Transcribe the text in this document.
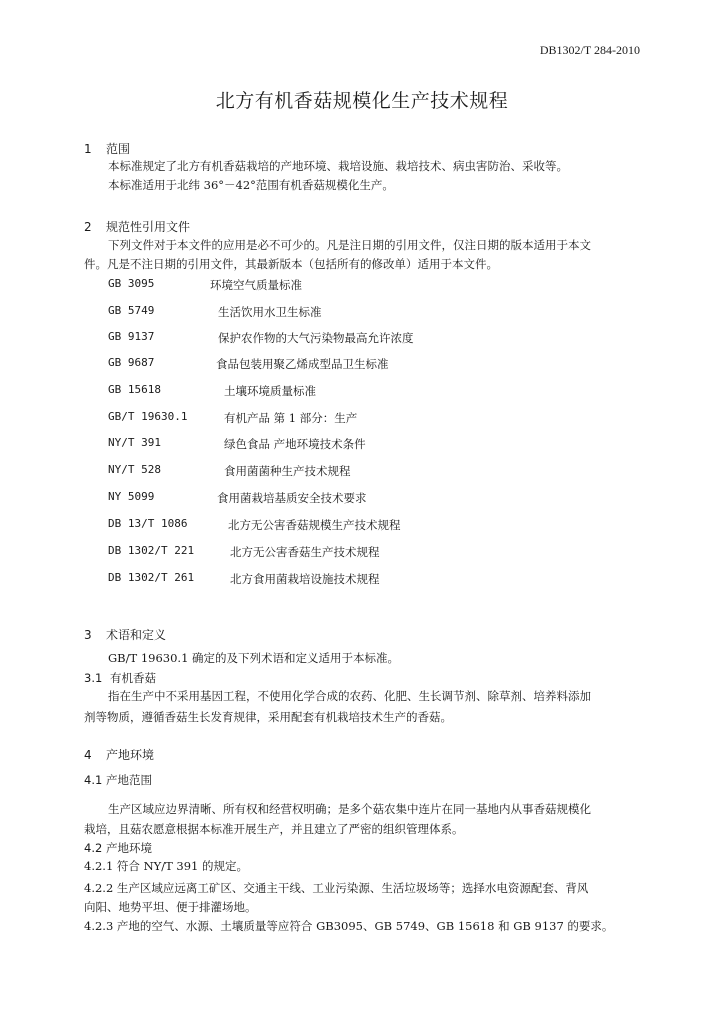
DB1302/T 284-2010
北方有机香菇规模化生产技术规程
1 范围
本标准规定了北方有机香菇栽培的产地环境、栽培设施、栽培技术、病虫害防治、采收等。
本标准适用于北纬 36°－42°范围有机香菇规模化生产。
2 规范性引用文件
下列文件对于本文件的应用是必不可少的。凡是注日期的引用文件，仅注日期的版本适用于本文
件。凡是不注日期的引用文件，其最新版本（包括所有的修改单）适用于本文件。
GB 3095	环境空气质量标准
GB 5749	生活饮用水卫生标准
GB 9137	保护农作物的大气污染物最高允许浓度
GB 9687	食品包装用聚乙烯成型品卫生标准
GB 15618	土壤环境质量标准
GB/T 19630.1	有机产品 第 1 部分：生产
NY/T 391	绿色食品 产地环境技术条件
NY/T 528	食用菌菌种生产技术规程
NY 5099	食用菌栽培基质安全技术要求
DB 13/T 1086	北方无公害香菇规模生产技术规程
DB 1302/T 221	北方无公害香菇生产技术规程
DB 1302/T 261	北方食用菌栽培设施技术规程
3 术语和定义
GB/T 19630.1 确定的及下列术语和定义适用于本标准。
3.1 有机香菇
指在生产中不采用基因工程，不使用化学合成的农药、化肥、生长调节剂、除草剂、培养料添加
剂等物质，遵循香菇生长发育规律，采用配套有机栽培技术生产的香菇。
4 产地环境
4.1 产地范围
生产区域应边界清晰、所有权和经营权明确；是多个菇农集中连片在同一基地内从事香菇规模化
栽培，且菇农愿意根据本标准开展生产，并且建立了严密的组织管理体系。
4.2 产地环境
4.2.1 符合 NY/T 391 的规定。
4.2.2 生产区域应远离工矿区、交通主干线、工业污染源、生活垃圾场等；选择水电资源配套、背风
向阳、地势平坦、便于排灌场地。
4.2.3 产地的空气、水源、土壤质量等应符合 GB3095、GB 5749、GB 15618 和 GB 9137 的要求。
